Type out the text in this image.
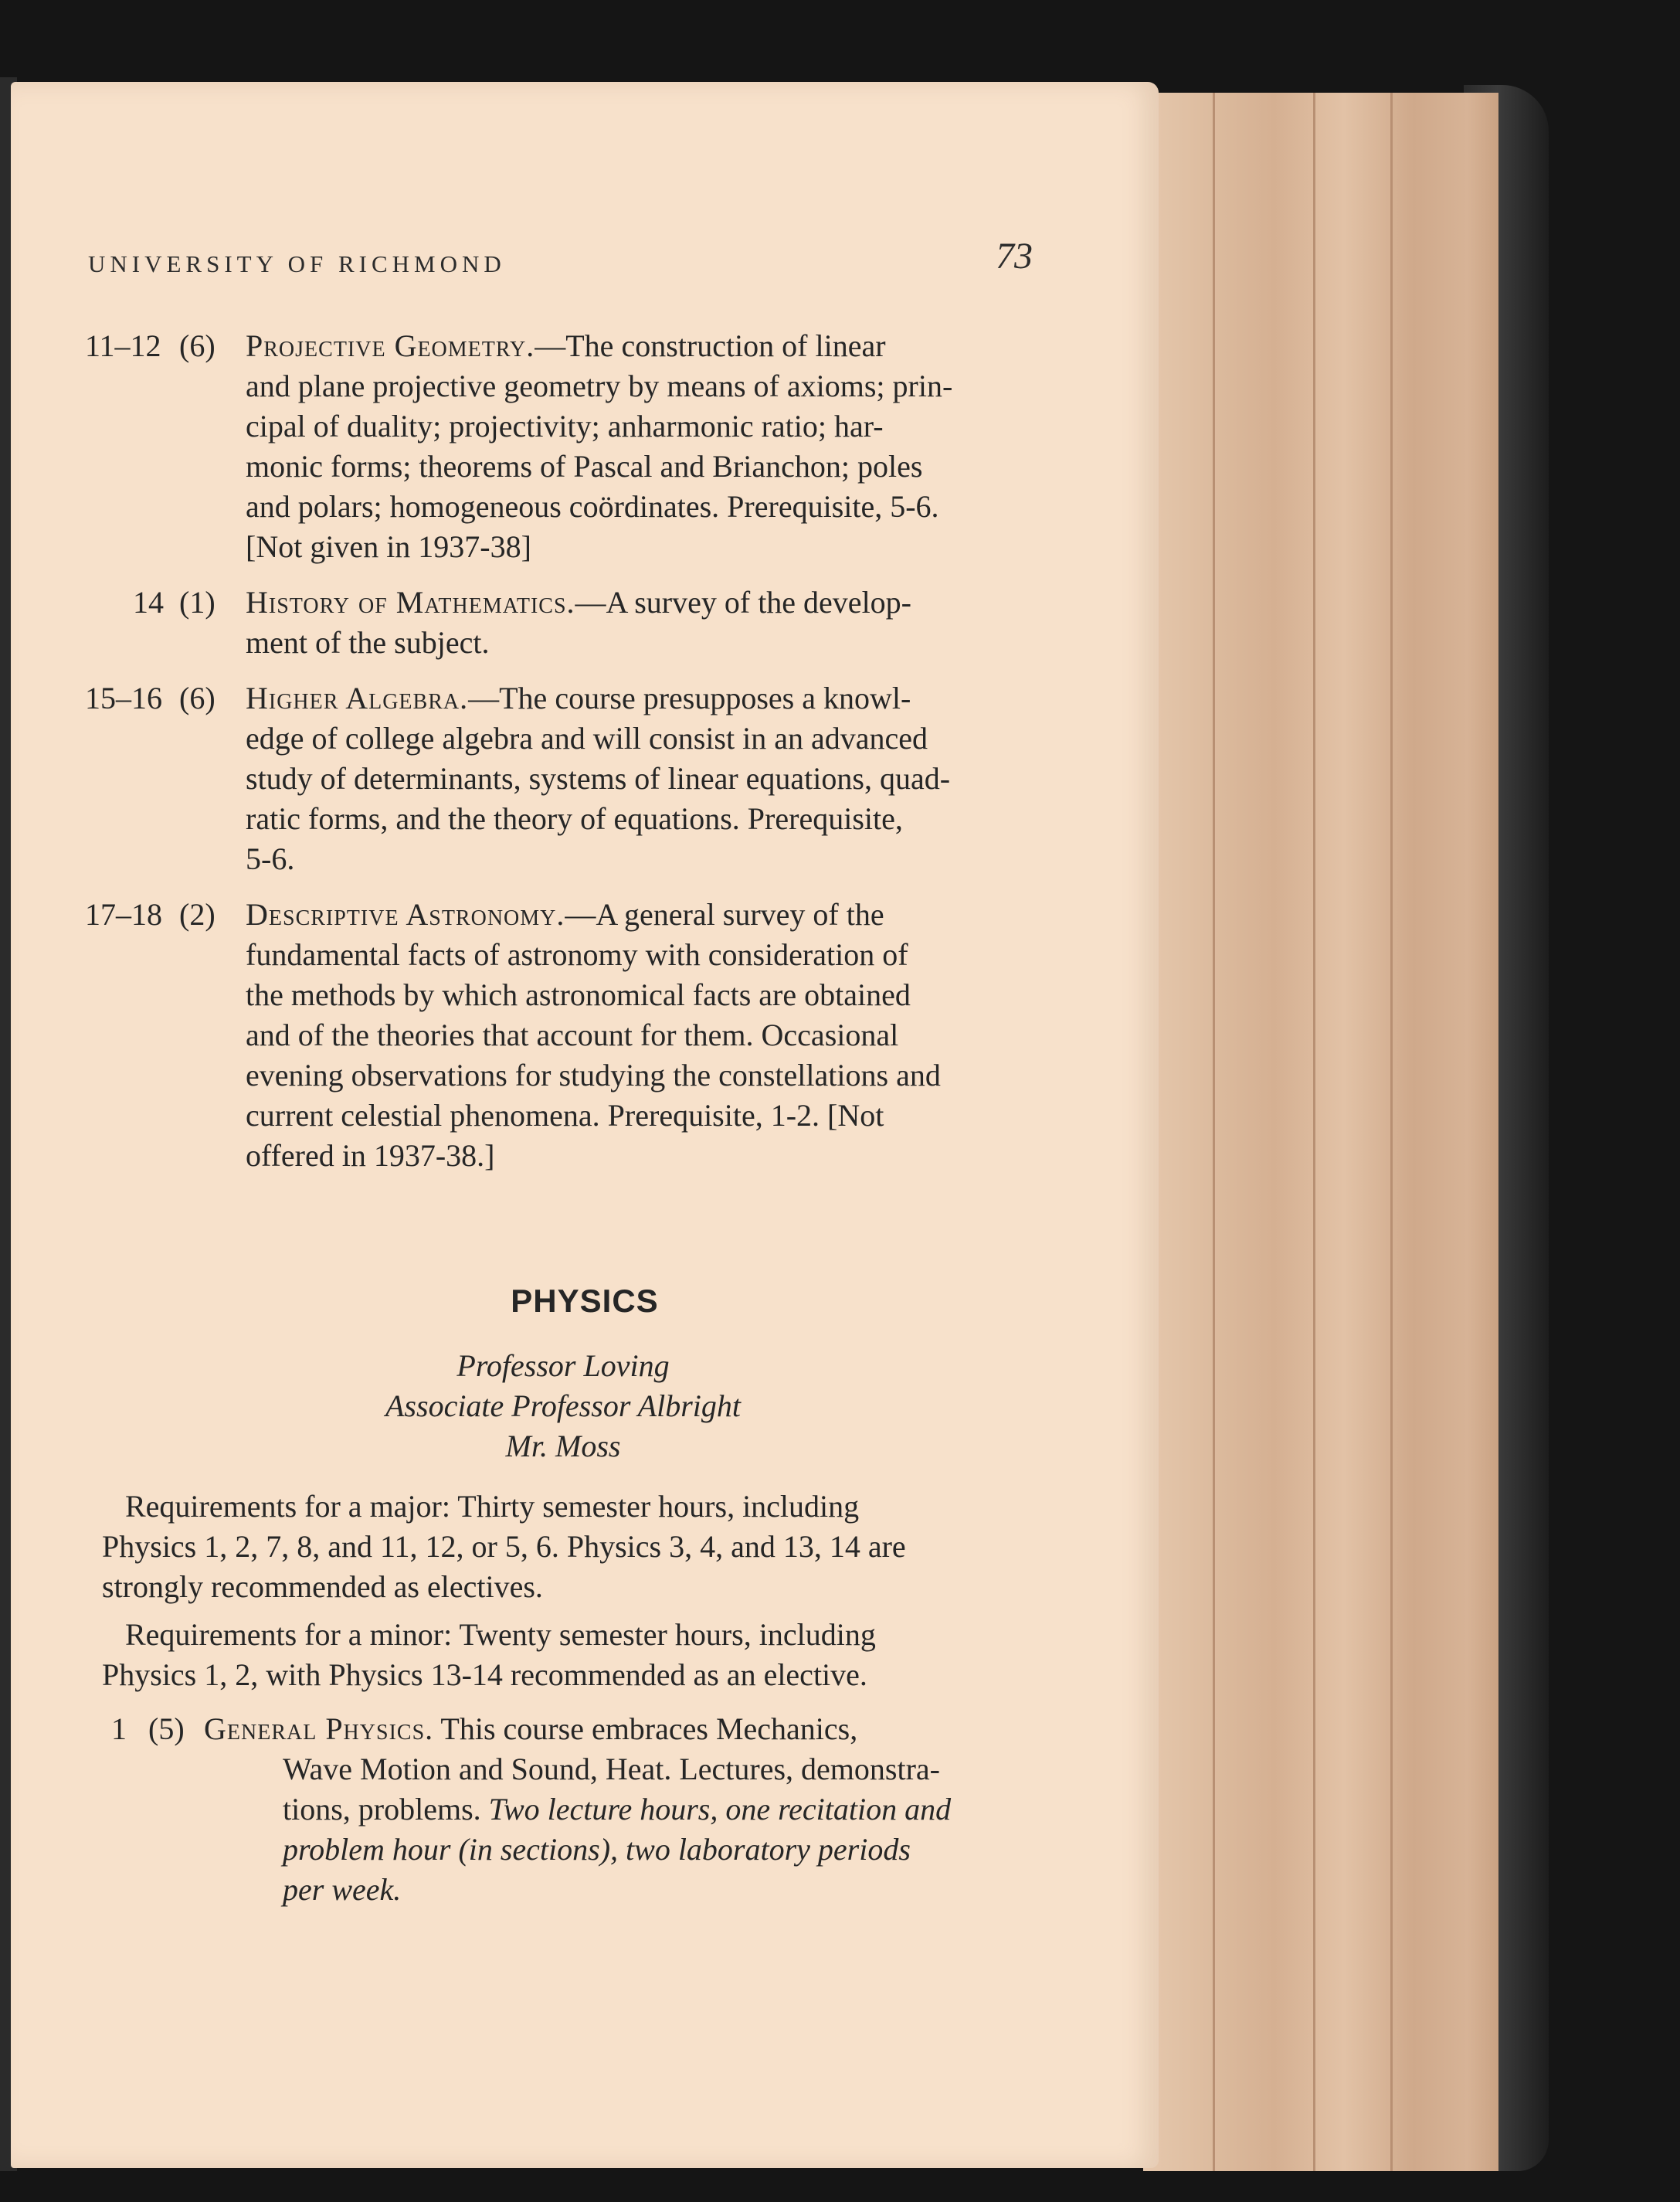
UNIVERSITY OF RICHMOND	73
11–12 (6) Projective Geometry.—The construction of linear
and plane projective geometry by means of axioms; prin-
cipal of duality; projectivity; anharmonic ratio; har-
monic forms; theorems of Pascal and Brianchon; poles
and polars; homogeneous coördinates. Prerequisite, 5-6.
[Not given in 1937-38]
14 (1) History of Mathematics.—A survey of the develop-
ment of the subject.
15–16 (6) Higher Algebra.—The course presupposes a knowl-
edge of college algebra and will consist in an advanced
study of determinants, systems of linear equations, quad-
ratic forms, and the theory of equations. Prerequisite,
5-6.
17–18 (2) Descriptive Astronomy.—A general survey of the
fundamental facts of astronomy with consideration of
the methods by which astronomical facts are obtained
and of the theories that account for them. Occasional
evening observations for studying the constellations and
current celestial phenomena. Prerequisite, 1-2. [Not
offered in 1937-38.]
PHYSICS
Professor Loving
Associate Professor Albright
Mr. Moss
Requirements for a major: Thirty semester hours, including
Physics 1, 2, 7, 8, and 11, 12, or 5, 6. Physics 3, 4, and 13, 14 are
strongly recommended as electives.
Requirements for a minor: Twenty semester hours, including
Physics 1, 2, with Physics 13-14 recommended as an elective.
1 (5) General Physics. This course embraces Mechanics,
Wave Motion and Sound, Heat. Lectures, demonstra-
tions, problems. Two lecture hours, one recitation and
problem hour (in sections), two laboratory periods
per week.
